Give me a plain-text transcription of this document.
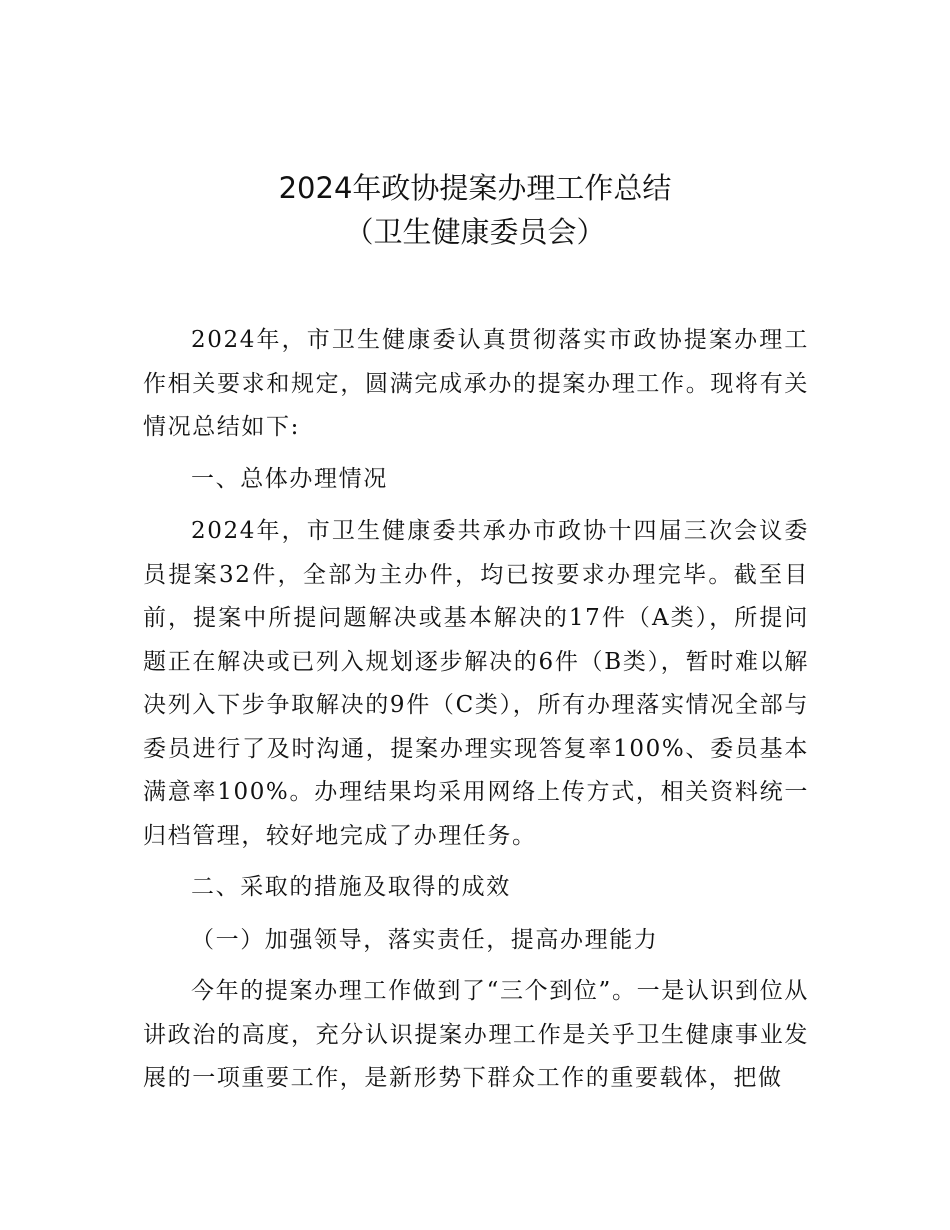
2024年政协提案办理工作总结
（卫生健康委员会）
2024年，市卫生健康委认真贯彻落实市政协提案办理工作相关要求和规定，圆满完成承办的提案办理工作。现将有关情况总结如下:
一、总体办理情况
2024年，市卫生健康委共承办市政协十四届三次会议委员提案32件，全部为主办件，均已按要求办理完毕。截至目前，提案中所提问题解决或基本解决的17件（A类），所提问题正在解决或已列入规划逐步解决的6件（B类），暂时难以解决列入下步争取解决的9件（C类），所有办理落实情况全部与委员进行了及时沟通，提案办理实现答复率100%、委员基本满意率100%。办理结果均采用网络上传方式，相关资料统一归档管理，较好地完成了办理任务。
二、采取的措施及取得的成效
（一）加强领导，落实责任，提高办理能力
今年的提案办理工作做到了“三个到位”。一是认识到位从讲政治的高度，充分认识提案办理工作是关乎卫生健康事业发展的一项重要工作，是新形势下群众工作的重要载体，把做
